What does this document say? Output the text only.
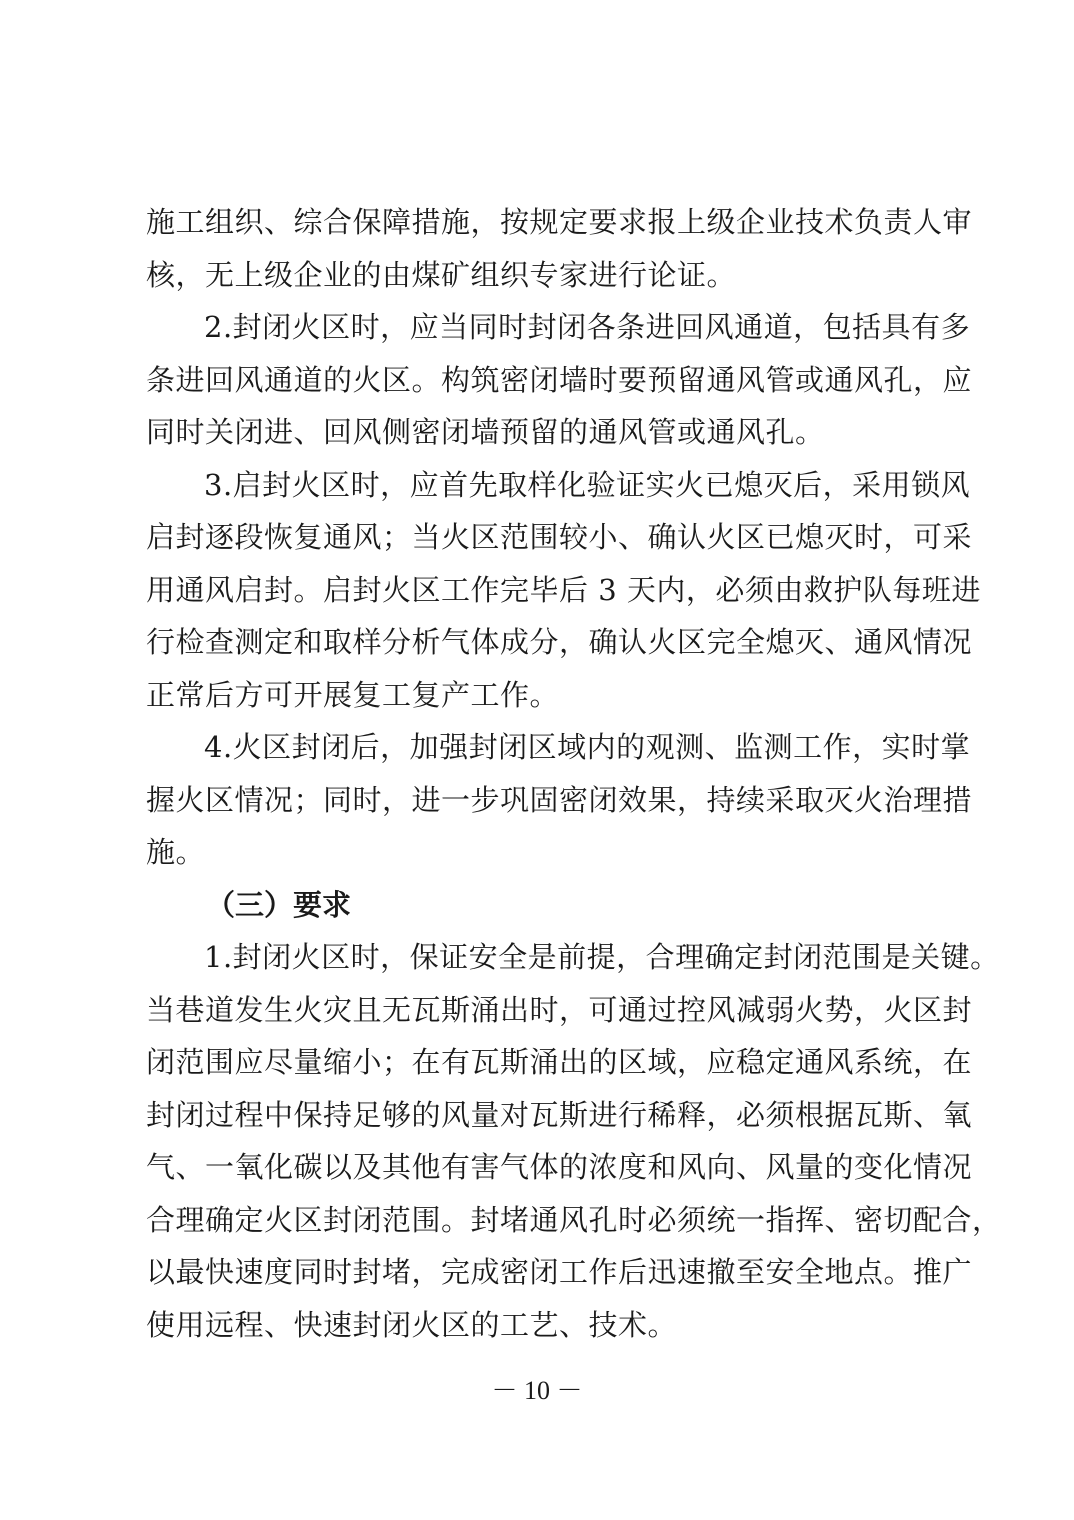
施工组织、综合保障措施，按规定要求报上级企业技术负责人审
核，无上级企业的由煤矿组织专家进行论证。
2.封闭火区时，应当同时封闭各条进回风通道，包括具有多
条进回风通道的火区。构筑密闭墙时要预留通风管或通风孔，应
同时关闭进、回风侧密闭墙预留的通风管或通风孔。
3.启封火区时，应首先取样化验证实火已熄灭后，采用锁风
启封逐段恢复通风；当火区范围较小、确认火区已熄灭时，可采
用通风启封。启封火区工作完毕后 3 天内，必须由救护队每班进
行检查测定和取样分析气体成分，确认火区完全熄灭、通风情况
正常后方可开展复工复产工作。
4.火区封闭后，加强封闭区域内的观测、监测工作，实时掌
握火区情况；同时，进一步巩固密闭效果，持续采取灭火治理措
施。
（三）要求
1.封闭火区时，保证安全是前提，合理确定封闭范围是关键。
当巷道发生火灾且无瓦斯涌出时，可通过控风减弱火势，火区封
闭范围应尽量缩小；在有瓦斯涌出的区域，应稳定通风系统，在
封闭过程中保持足够的风量对瓦斯进行稀释，必须根据瓦斯、氧
气、一氧化碳以及其他有害气体的浓度和风向、风量的变化情况
合理确定火区封闭范围。封堵通风孔时必须统一指挥、密切配合，
以最快速度同时封堵，完成密闭工作后迅速撤至安全地点。推广
使用远程、快速封闭火区的工艺、技术。
－ 10 －
